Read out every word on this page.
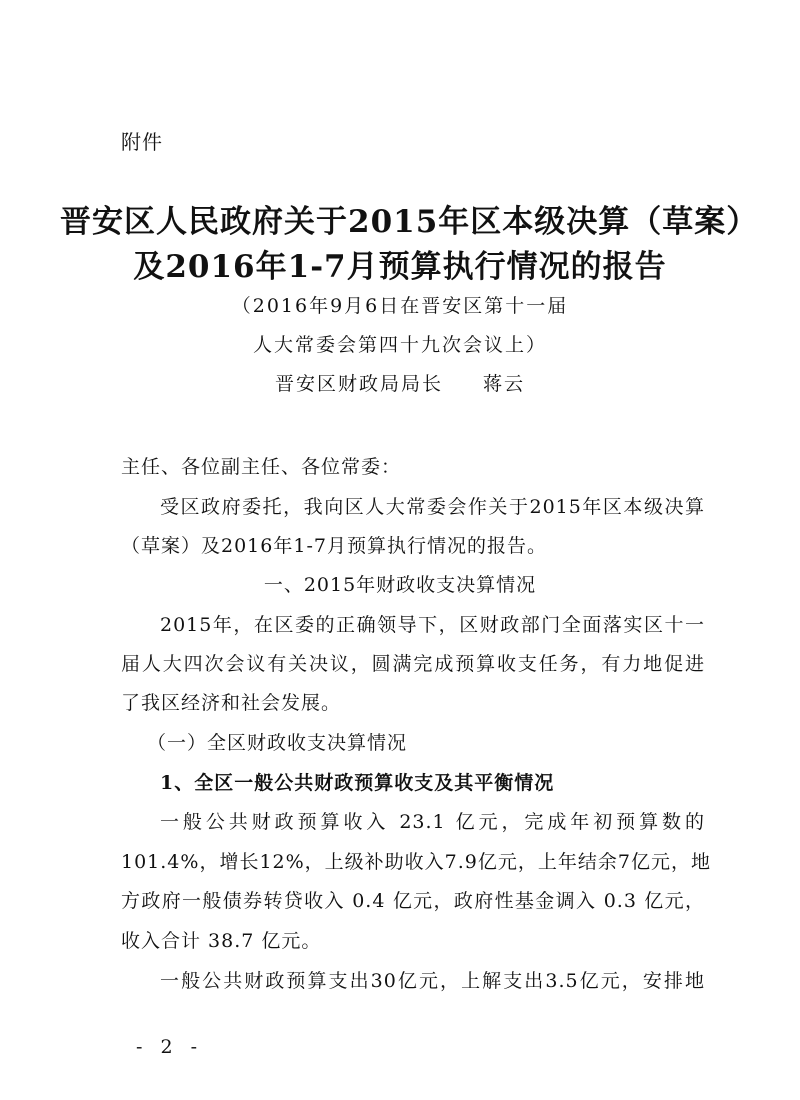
附件
晋安区人民政府关于2015年区本级决算（草案）
及2016年1-7月预算执行情况的报告
（2016年9月6日在晋安区第十一届
人大常委会第四十九次会议上）
晋安区财政局局长 蒋云
主任、各位副主任、各位常委：
受区政府委托，我向区人大常委会作关于2015年区本级决算
（草案）及2016年1-7月预算执行情况的报告。
一、2015年财政收支决算情况
2015年，在区委的正确领导下，区财政部门全面落实区十一
届人大四次会议有关决议，圆满完成预算收支任务，有力地促进
了我区经济和社会发展。
（一）全区财政收支决算情况
1、全区一般公共财政预算收支及其平衡情况
一般公共财政预算收入 23.1 亿元，完成年初预算数的
101.4%，增长12%，上级补助收入7.9亿元，上年结余7亿元，地
方政府一般债券转贷收入 0.4 亿元，政府性基金调入 0.3 亿元，
收入合计 38.7 亿元。
一般公共财政预算支出30亿元，上解支出3.5亿元，安排地
- 2 -
